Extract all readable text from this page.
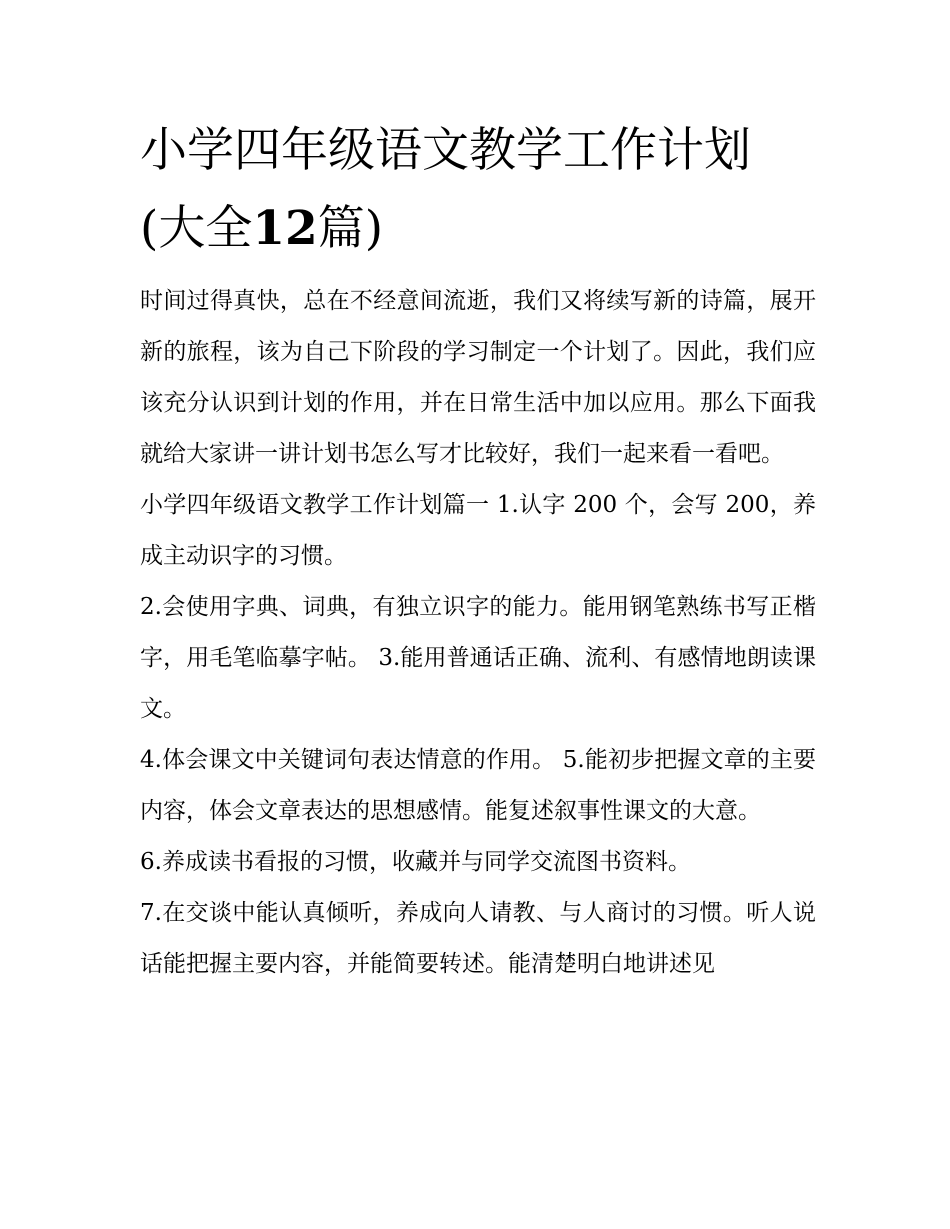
小学四年级语文教学工作计划
(大全12篇)

时间过得真快，总在不经意间流逝，我们又将续写新的诗篇，展开新的旅程，该为自己下阶段的学习制定一个计划了。因此，我们应该充分认识到计划的作用，并在日常生活中加以应用。那么下面我就给大家讲一讲计划书怎么写才比较好，我们一起来看一看吧。

小学四年级语文教学工作计划篇一 1.认字 200 个，会写 200，养成主动识字的习惯。

2.会使用字典、词典，有独立识字的能力。能用钢笔熟练书写正楷字，用毛笔临摹字帖。 3.能用普通话正确、流利、有感情地朗读课文。

4.体会课文中关键词句表达情意的作用。 5.能初步把握文章的主要内容，体会文章表达的思想感情。能复述叙事性课文的大意。

6.养成读书看报的习惯，收藏并与同学交流图书资料。

7.在交谈中能认真倾听，养成向人请教、与人商讨的习惯。听人说话能把握主要内容，并能简要转述。能清楚明白地讲述见
